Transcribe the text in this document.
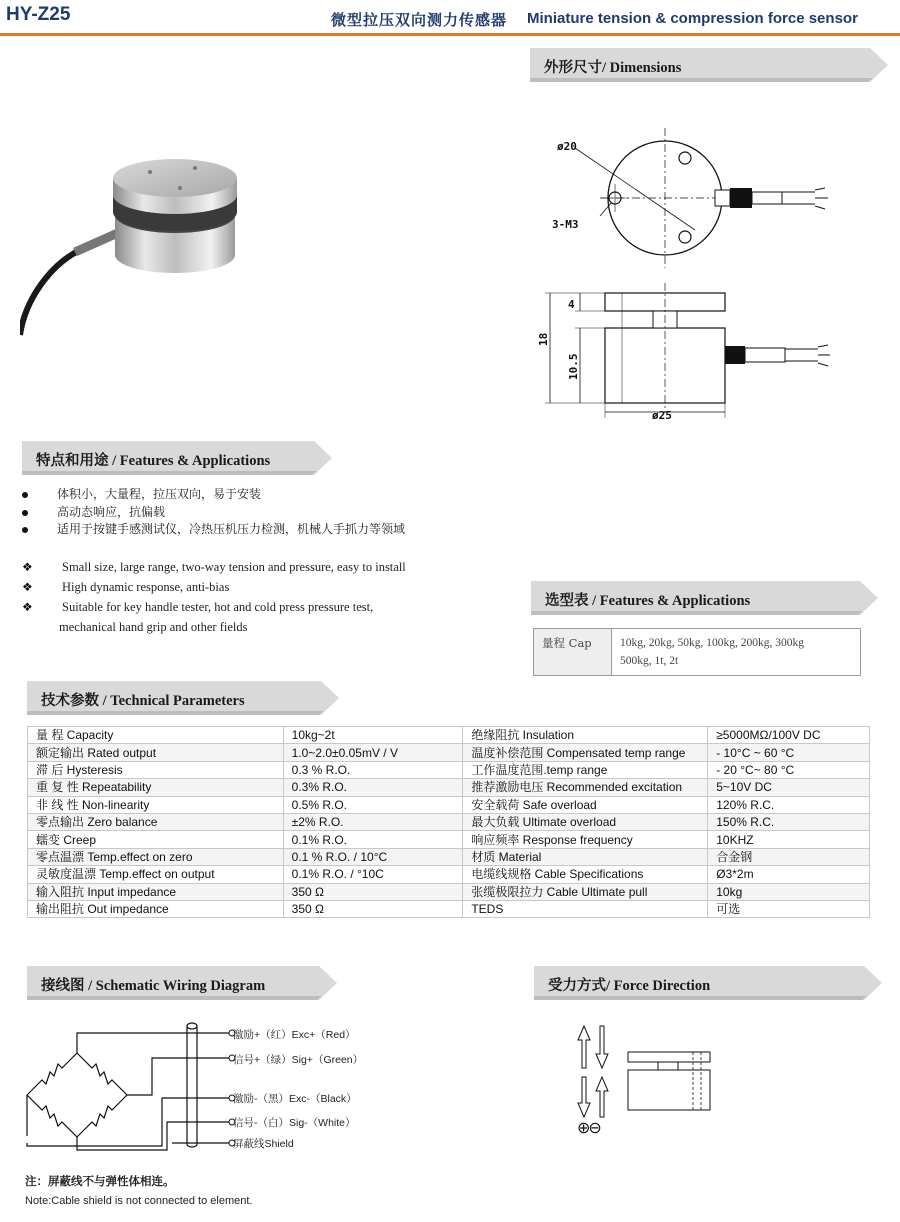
HY-Z25	微型拉压双向测力传感器 Miniature tension & compression force sensor
外形尺寸/ Dimensions
ø20
3-M3
4
18
10.5
ø25
特点和用途 / Features & Applications
体积小，大量程，拉压双向，易于安装
高动态响应，抗偏载
适用于按键手感测试仪，冷热压机压力检测，机械人手抓力等领域
❖ Small size, large range, two-way tension and pressure, easy to install
❖ High dynamic response, anti-bias
❖ Suitable for key handle tester, hot and cold press pressure test,
mechanical hand grip and other fields
选型表 / Features & Applications
量程 Cap	10kg, 20kg, 50kg, 100kg, 200kg, 300kg
500kg, 1t, 2t
技术参数 / Technical Parameters
量 程 Capacity	10kg~2t	绝缘阻抗 Insulation	≥5000MΩ/100V DC
额定输出 Rated output	1.0~2.0±0.05mV / V	温度补偿范围 Compensated temp range	- 10°C ~ 60 °C
滞 后 Hysteresis	0.3 % R.O.	工作温度范围.temp range	- 20 °C~ 80 °C
重 复 性 Repeatability	0.3% R.O.	推荐激励电压 Recommended excitation	5~10V DC
非 线 性 Non-linearity	0.5% R.O.	安全载荷 Safe overload	120% R.C.
零点输出 Zero balance	±2% R.O.	最大负载 Ultimate overload	150% R.C.
蠕变 Creep	0.1% R.O.	响应频率 Response frequency	10KHZ
零点温漂 Temp.effect on zero	0.1 % R.O. / 10°C	材质 Material	合金钢
灵敏度温漂 Temp.effect on output	0.1% R.O. / °10C	电缆线规格 Cable Specifications	Ø3*2m
输入阻抗 Input impedance	350 Ω	张缆极限拉力 Cable Ultimate pull	10kg
输出阻抗 Out impedance	350 Ω	TEDS	可选
接线图 / Schematic Wiring Diagram
激励+（红）Exc+（Red）
信号+（绿）Sig+（Green）
激励-（黑）Exc-（Black）
信号-（白）Sig-（White）
屏蔽线Shield
受力方式/ Force Direction
⊕⊖
注：屏蔽线不与弹性体相连。
Note:Cable shield is not connected to element.
